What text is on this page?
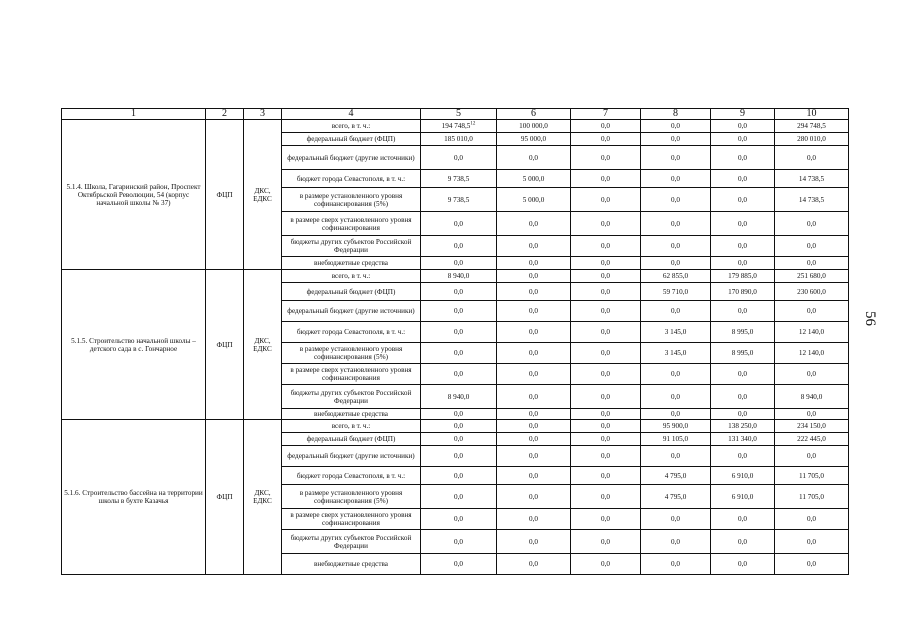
1	2	3	4	5	6	7	8	9	10
5.1.4. Школа, Гагаринский район, Проспект Октябрьской Революции, 54 (корпус начальной школы № 37)	ФЦП	ДКС, ЕДКС	всего, в т. ч.:	194 748,5$^{12}$	100 000,0	0,0	0,0	0,0	294 748,5
			федеральный бюджет (ФЦП)	185 010,0	95 000,0	0,0	0,0	0,0	280 010,0
			федеральный бюджет (другие источники)	0,0	0,0	0,0	0,0	0,0	0,0
			бюджет города Севастополя, в т. ч.:	9 738,5	5 000,0	0,0	0,0	0,0	14 738,5
			в размере установленного уровня софинансирования (5%)	9 738,5	5 000,0	0,0	0,0	0,0	14 738,5
			в размере сверх установленного уровня софинансирования	0,0	0,0	0,0	0,0	0,0	0,0
			бюджеты других субъектов Российской Федерации	0,0	0,0	0,0	0,0	0,0	0,0
			внебюджетные средства	0,0	0,0	0,0	0,0	0,0	0,0
5.1.5. Строительство начальной школы – детского сада в с. Гончарное	ФЦП	ДКС, ЕДКС	всего, в т. ч.:	8 940,0	0,0	0,0	62 855,0	179 885,0	251 680,0
			федеральный бюджет (ФЦП)	0,0	0,0	0,0	59 710,0	170 890,0	230 600,0
			федеральный бюджет (другие источники)	0,0	0,0	0,0	0,0	0,0	0,0
			бюджет города Севастополя, в т. ч.:	0,0	0,0	0,0	3 145,0	8 995,0	12 140,0
			в размере установленного уровня софинансирования (5%)	0,0	0,0	0,0	3 145,0	8 995,0	12 140,0
			в размере сверх установленного уровня софинансирования	0,0	0,0	0,0	0,0	0,0	0,0
			бюджеты других субъектов Российской Федерации	8 940,0	0,0	0,0	0,0	0,0	8 940,0
			внебюджетные средства	0,0	0,0	0,0	0,0	0,0	0,0
5.1.6. Строительство бассейна на территории школы в бухте Казачья	ФЦП	ДКС, ЕДКС	всего, в т. ч.:	0,0	0,0	0,0	95 900,0	138 250,0	234 150,0
			федеральный бюджет (ФЦП)	0,0	0,0	0,0	91 105,0	131 340,0	222 445,0
			федеральный бюджет (другие источники)	0,0	0,0	0,0	0,0	0,0	0,0
			бюджет города Севастополя, в т. ч.:	0,0	0,0	0,0	4 795,0	6 910,0	11 705,0
			в размере установленного уровня софинансирования (5%)	0,0	0,0	0,0	4 795,0	6 910,0	11 705,0
			в размере сверх установленного уровня софинансирования	0,0	0,0	0,0	0,0	0,0	0,0
			бюджеты других субъектов Российской Федерации	0,0	0,0	0,0	0,0	0,0	0,0
			внебюджетные средства	0,0	0,0	0,0	0,0	0,0	0,0
56
